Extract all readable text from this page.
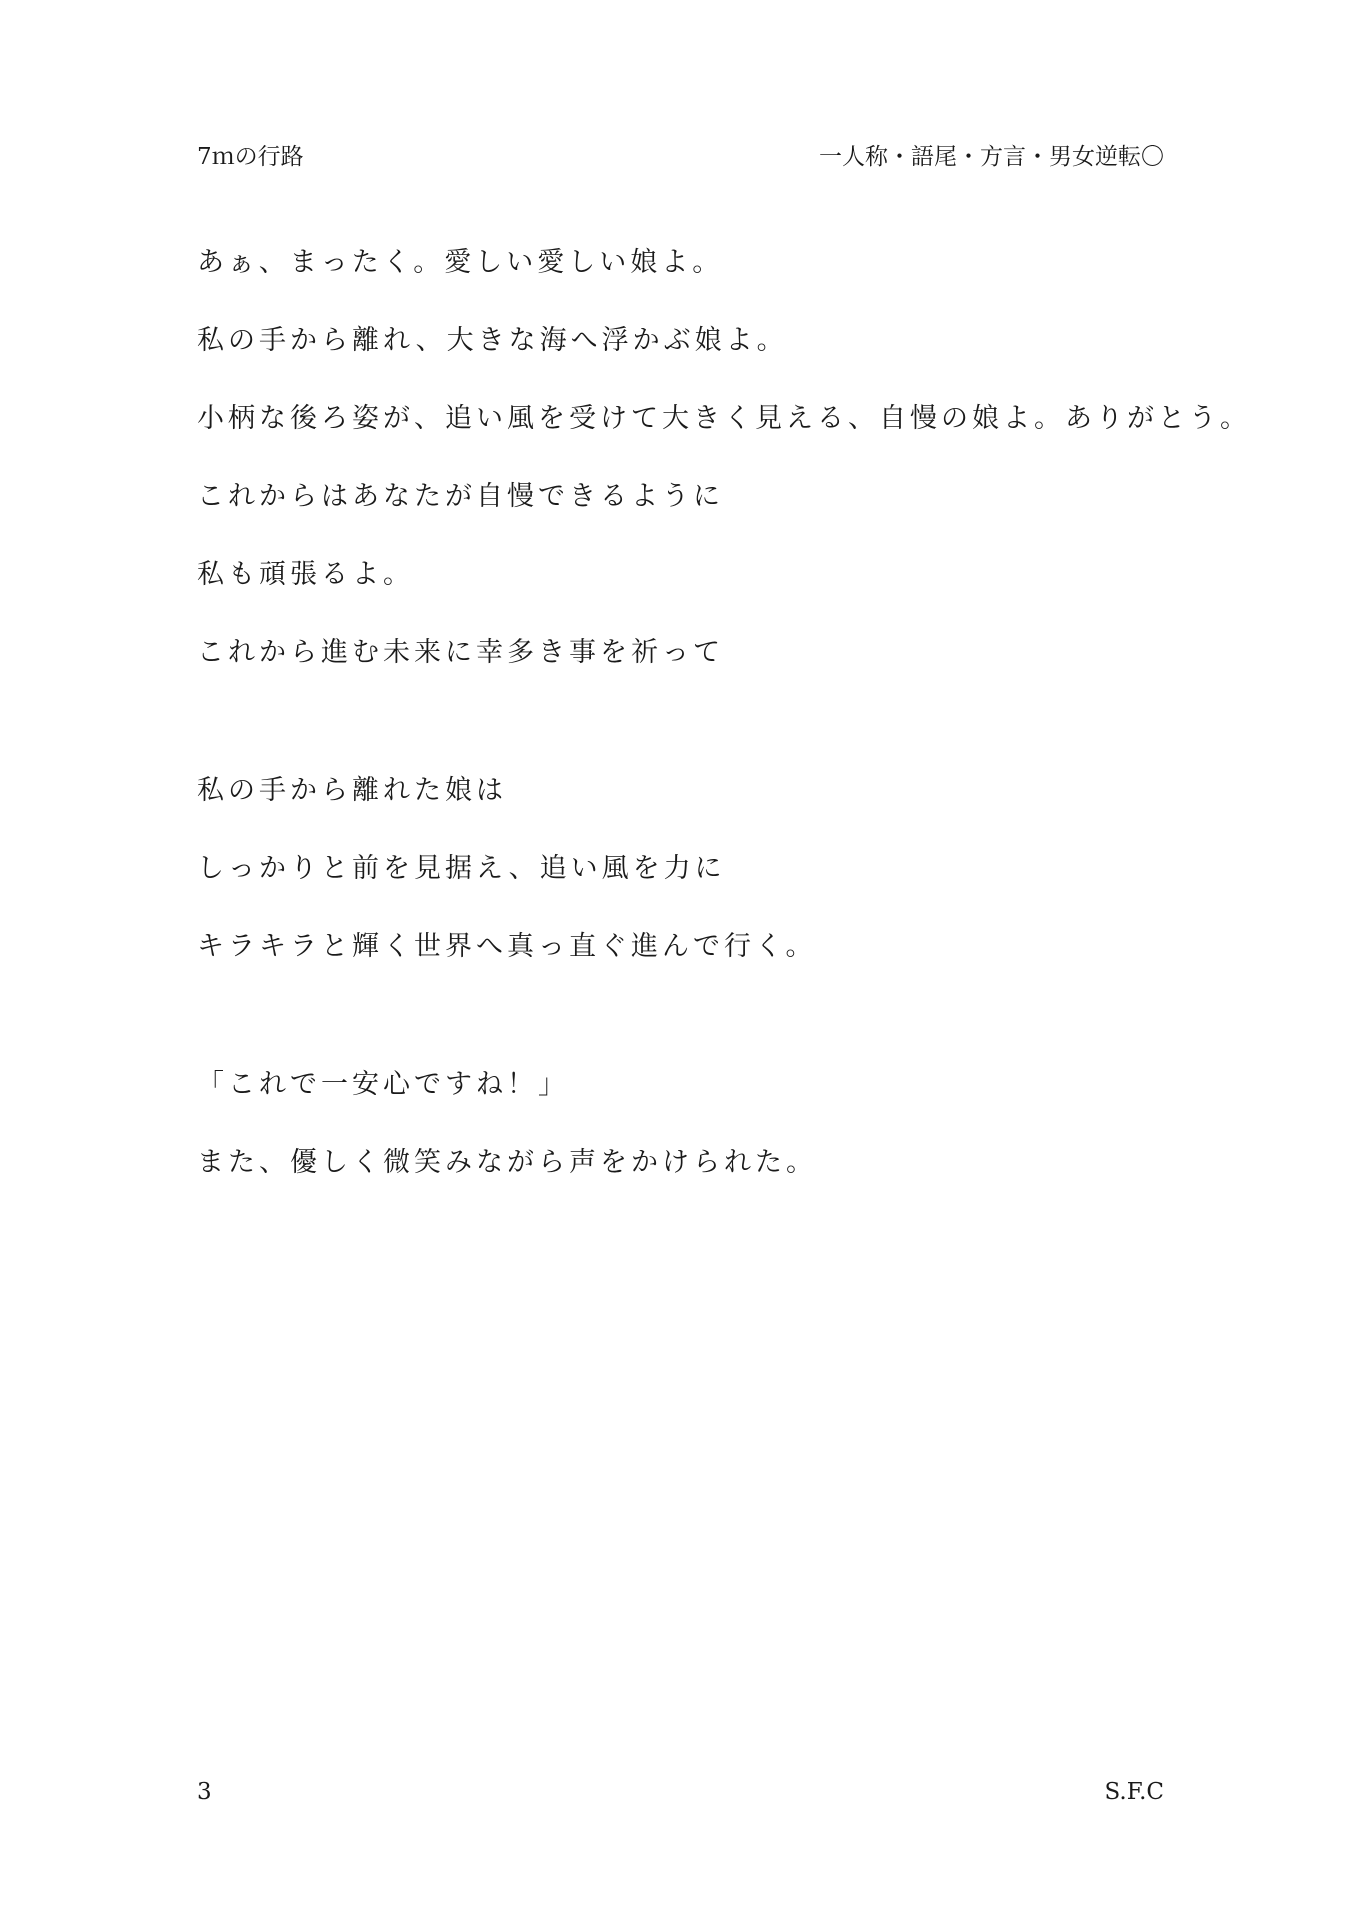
7ｍの行路	一人称・語尾・方言・男女逆転〇
あぁ、まったく。愛しい愛しい娘よ。
私の手から離れ、大きな海へ浮かぶ娘よ。
小柄な後ろ姿が、追い風を受けて大きく見える、自慢の娘よ。ありがとう。
これからはあなたが自慢できるように
私も頑張るよ。
これから進む未来に幸多き事を祈って
私の手から離れた娘は
しっかりと前を見据え、追い風を力に
キラキラと輝く世界へ真っ直ぐ進んで行く。
「これで一安心ですね！」
また、優しく微笑みながら声をかけられた。
3	S.F.C
